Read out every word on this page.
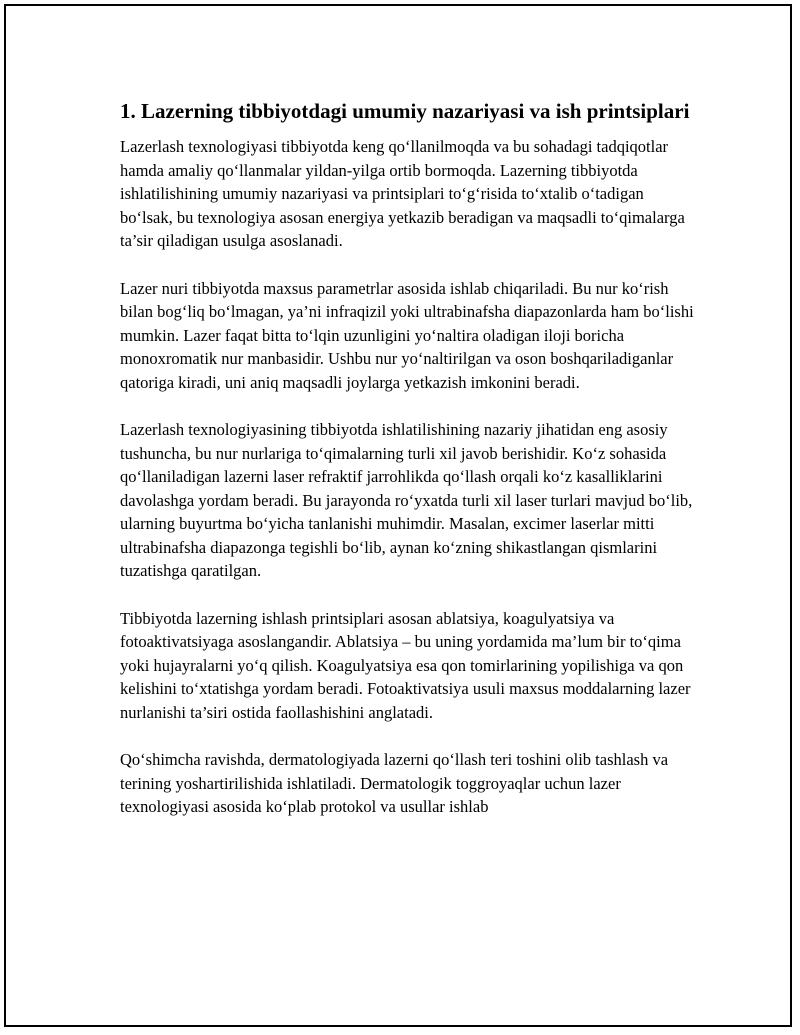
1. Lazerning tibbiyotdagi umumiy nazariyasi va ish printsiplari

Lazerlash texnologiyasi tibbiyotda keng qo‘llanilmoqda va bu sohadagi tadqiqotlar hamda amaliy qo‘llanmalar yildan-yilga ortib bormoqda. Lazerning tibbiyotda ishlatilishining umumiy nazariyasi va printsiplari to‘g‘risida to‘xtalib o‘tadigan bo‘lsak, bu texnologiya asosan energiya yetkazib beradigan va maqsadli to‘qimalarga ta’sir qiladigan usulga asoslanadi.

Lazer nuri tibbiyotda maxsus parametrlar asosida ishlab chiqariladi. Bu nur ko‘rish bilan bog‘liq bo‘lmagan, ya’ni infraqizil yoki ultrabinafsha diapazonlarda ham bo‘lishi mumkin. Lazer faqat bitta to‘lqin uzunligini yo‘naltira oladigan iloji boricha monoxromatik nur manbasidir. Ushbu nur yo‘naltirilgan va oson boshqariladiganlar qatoriga kiradi, uni aniq maqsadli joylarga yetkazish imkonini beradi.

Lazerlash texnologiyasining tibbiyotda ishlatilishining nazariy jihatidan eng asosiy tushuncha, bu nur nurlariga to‘qimalarning turli xil javob berishidir. Ko‘z sohasida qo‘llaniladigan lazerni laser refraktif jarrohlikda qo‘llash orqali ko‘z kasalliklarini davolashga yordam beradi. Bu jarayonda ro‘yxatda turli xil laser turlari mavjud bo‘lib, ularning buyurtma bo‘yicha tanlanishi muhimdir. Masalan, excimer laserlar mitti ultrabinafsha diapazonga tegishli bo‘lib, aynan ko‘zning shikastlangan qismlarini tuzatishga qaratilgan.

Tibbiyotda lazerning ishlash printsiplari asosan ablatsiya, koagulyatsiya va fotoaktivatsiyaga asoslangandir. Ablatsiya – bu uning yordamida ma’lum bir to‘qima yoki hujayralarni yo‘q qilish. Koagulyatsiya esa qon tomirlarining yopilishiga va qon kelishini to‘xtatishga yordam beradi. Fotoaktivatsiya usuli maxsus moddalarning lazer nurlanishi ta’siri ostida faollashishini anglatadi.

Qo‘shimcha ravishda, dermatologiyada lazerni qo‘llash teri toshini olib tashlash va terining yoshartirilishida ishlatiladi. Dermatologik toggroyaqlar uchun lazer texnologiyasi asosida ko‘plab protokol va usullar ishlab
